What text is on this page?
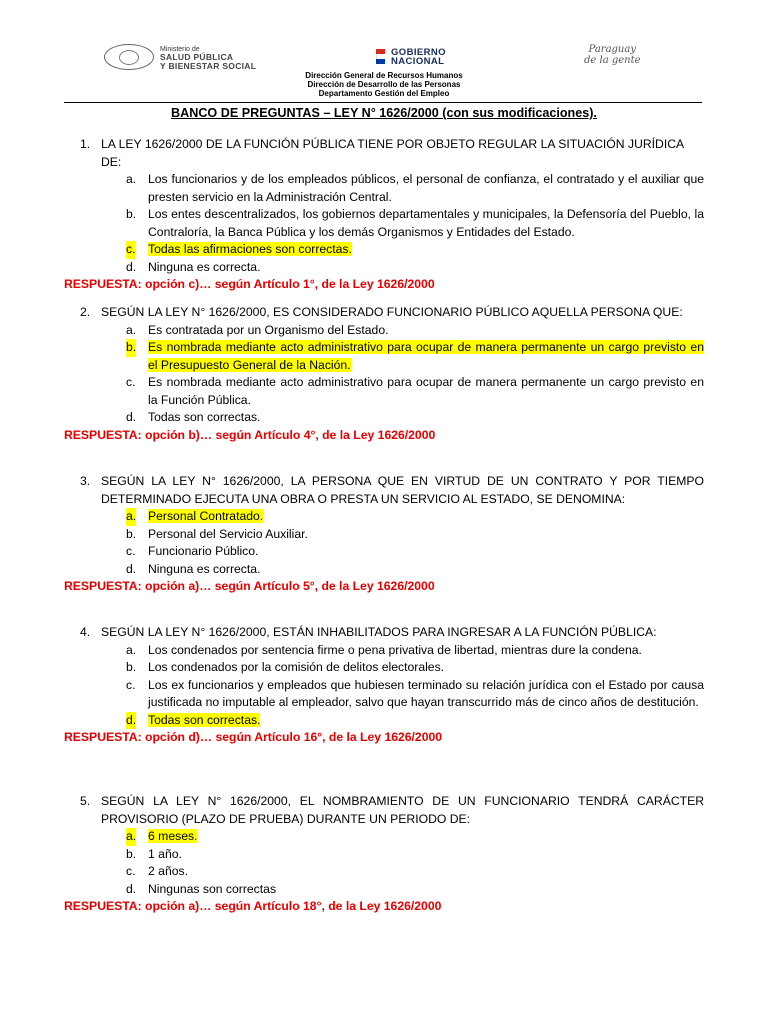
Ministerio de
SALUD PÚBLICA
Y BIENESTAR SOCIAL
GOBIERNO
NACIONAL
Paraguay
de la gente
Dirección General de Recursos Humanos
Dirección de Desarrollo de las Personas
Departamento Gestión del Empleo
BANCO DE PREGUNTAS – LEY N° 1626/2000 (con sus modificaciones).
1. LA LEY 1626/2000 DE LA FUNCIÓN PÚBLICA TIENE POR OBJETO REGULAR LA SITUACIÓN JURÍDICA DE:
a. Los funcionarios y de los empleados públicos, el personal de confianza, el contratado y el auxiliar que presten servicio en la Administración Central.
b. Los entes descentralizados, los gobiernos departamentales y municipales, la Defensoría del Pueblo, la Contraloría, la Banca Pública y los demás Organismos y Entidades del Estado.
c. Todas las afirmaciones son correctas.
d. Ninguna es correcta.
RESPUESTA: opción c)… según Artículo 1°, de la Ley 1626/2000
2. SEGÚN LA LEY N° 1626/2000, ES CONSIDERADO FUNCIONARIO PÚBLICO AQUELLA PERSONA QUE:
a. Es contratada por un Organismo del Estado.
b. Es nombrada mediante acto administrativo para ocupar de manera permanente un cargo previsto en el Presupuesto General de la Nación.
c. Es nombrada mediante acto administrativo para ocupar de manera permanente un cargo previsto en la Función Pública.
d. Todas son correctas.
RESPUESTA: opción b)… según Artículo 4°, de la Ley 1626/2000
3. SEGÚN LA LEY N° 1626/2000, LA PERSONA QUE EN VIRTUD DE UN CONTRATO Y POR TIEMPO DETERMINADO EJECUTA UNA OBRA O PRESTA UN SERVICIO AL ESTADO, SE DENOMINA:
a. Personal Contratado.
b. Personal del Servicio Auxiliar.
c. Funcionario Público.
d. Ninguna es correcta.
RESPUESTA: opción a)… según Artículo 5°, de la Ley 1626/2000
4. SEGÚN LA LEY N° 1626/2000, ESTÁN INHABILITADOS PARA INGRESAR A LA FUNCIÓN PÚBLICA:
a. Los condenados por sentencia firme o pena privativa de libertad, mientras dure la condena.
b. Los condenados por la comisión de delitos electorales.
c. Los ex funcionarios y empleados que hubiesen terminado su relación jurídica con el Estado por causa justificada no imputable al empleador, salvo que hayan transcurrido más de cinco años de destitución.
d. Todas son correctas.
RESPUESTA: opción d)… según Artículo 16°, de la Ley 1626/2000
5. SEGÚN LA LEY N° 1626/2000, EL NOMBRAMIENTO DE UN FUNCIONARIO TENDRÁ CARÁCTER PROVISORIO (PLAZO DE PRUEBA) DURANTE UN PERIODO DE:
a. 6 meses.
b. 1 año.
c. 2 años.
d. Ningunas son correctas
RESPUESTA: opción a)… según Artículo 18°, de la Ley 1626/2000
